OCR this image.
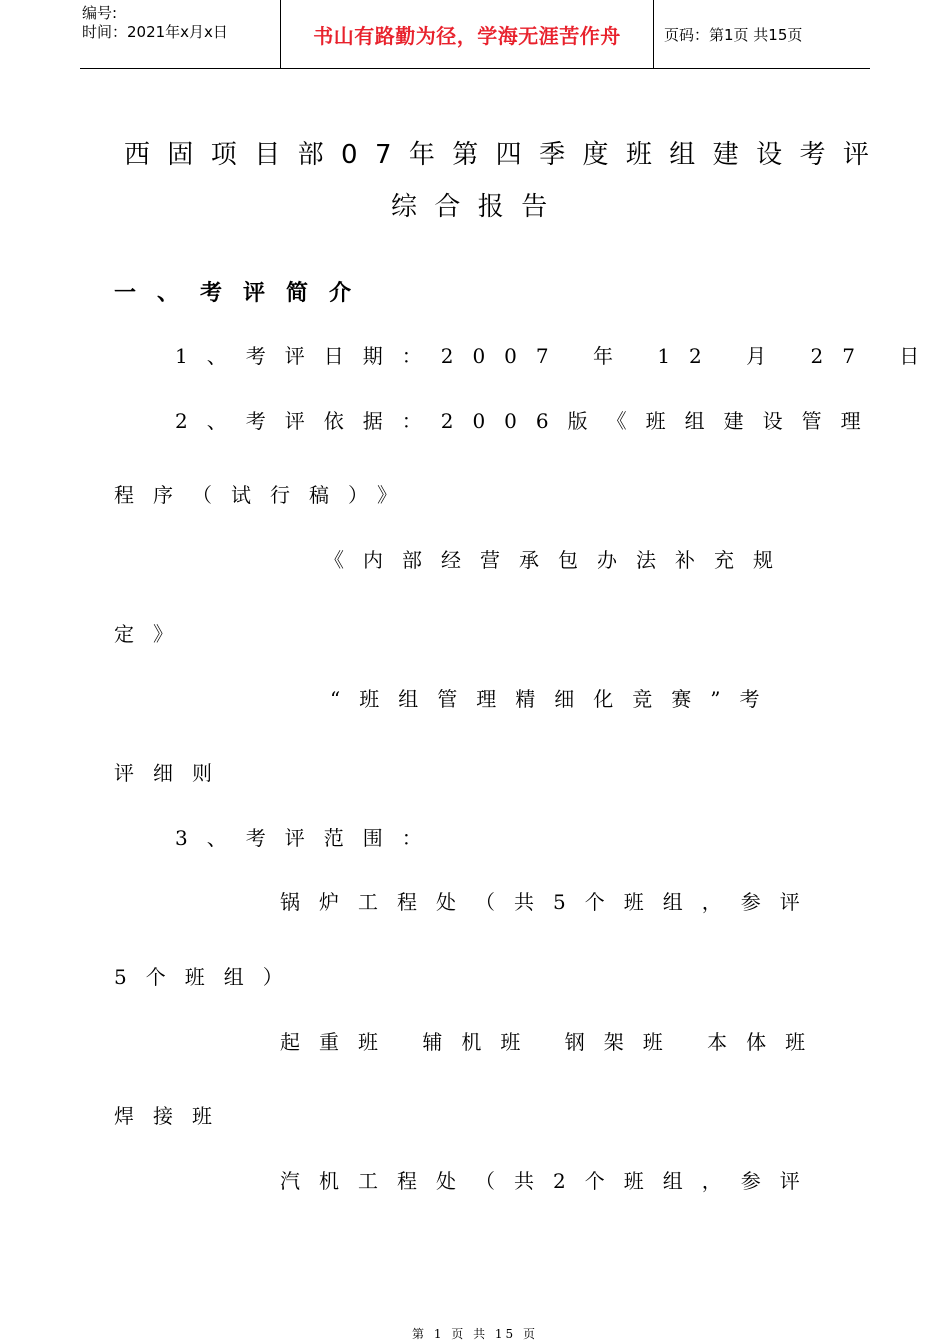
编号:
时间：2021年x月x日	书山有路勤为径，学海无涯苦作舟	页码：第1页 共15页
西固项目部07年第四季度班组建设考评
综合报告
一、考评简介
1、考评日期：2007 年 12 月 27 日
2、考评依据：2006版《班组建设管理
程序（试行稿）》
《内部经营承包办法补充规
定》
“班组管理精细化竞赛”考
评细则
3、考评范围：
锅炉工程处（共5个班组，参评
5个班组）
起重班 辅机班 钢架班 本体班
焊接班
汽机工程处（共2个班组，参评
第 1 页 共 15 页
